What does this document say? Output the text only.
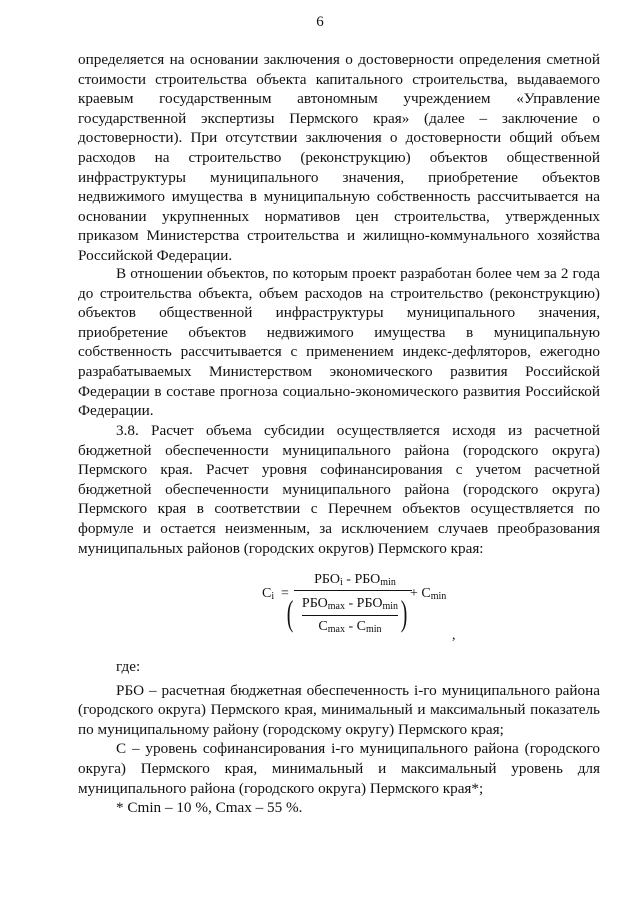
6

определяется на основании заключения о достоверности определения сметной стоимости строительства объекта капитального строительства, выдаваемого краевым государственным автономным учреждением «Управление государственной экспертизы Пермского края» (далее – заключение о достоверности). При отсутствии заключения о достоверности общий объем расходов на строительство (реконструкцию) объектов общественной инфраструктуры муниципального значения, приобретение объектов недвижимого имущества в муниципальную собственность рассчитывается на основании укрупненных нормативов цен строительства, утвержденных приказом Министерства строительства и жилищно-коммунального хозяйства Российской Федерации.

В отношении объектов, по которым проект разработан более чем за 2 года до строительства объекта, объем расходов на строительство (реконструкцию) объектов общественной инфраструктуры муниципального значения, приобретение объектов недвижимого имущества в муниципальную собственность рассчитывается с применением индекс-дефляторов, ежегодно разрабатываемых Министерством экономического развития Российской Федерации в составе прогноза социально-экономического развития Российской Федерации.

3.8. Расчет объема субсидии осуществляется исходя из расчетной бюджетной обеспеченности муниципального района (городского округа) Пермского края. Расчет уровня софинансирования с учетом расчетной бюджетной обеспеченности муниципального района (городского округа) Пермского края в соответствии с Перечнем объектов осуществляется по формуле и остается неизменным, за исключением случаев преобразования муниципальных районов (городских округов) Пермского края:

$C_i$ =
$РБО_i - РБО_{min}$
+ $C_{min}$
( $РБО_{max} - РБО_{min}$
$C_{max} - C_{min}$ )
,

где:

РБО – расчетная бюджетная обеспеченность i-го муниципального района (городского округа) Пермского края, минимальный и максимальный показатель по муниципальному району (городскому округу) Пермского края;

С – уровень софинансирования i-го муниципального района (городского округа) Пермского края, минимальный и максимальный уровень для муниципального района (городского округа) Пермского края*;

* Cmin – 10 %, Cmax – 55 %.
